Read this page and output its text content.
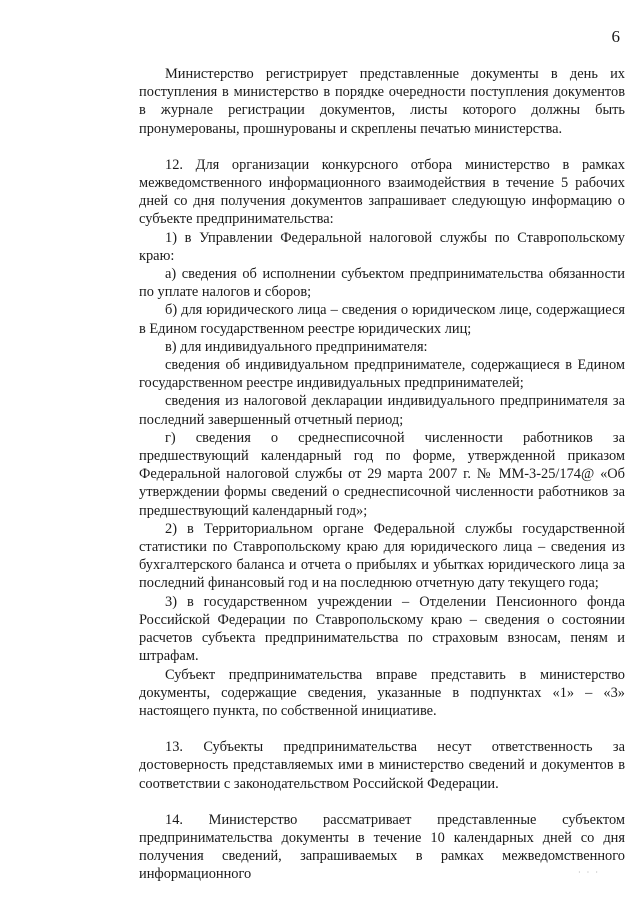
6

Министерство регистрирует представленные документы в день их поступления в министерство в порядке очередности поступления документов в журнале регистрации документов, листы которого должны быть пронумерованы, прошнурованы и скреплены печатью министерства.

12. Для организации конкурсного отбора министерство в рамках межведомственного информационного взаимодействия в течение 5 рабочих дней со дня получения документов запрашивает следующую информацию о субъекте предпринимательства:

1) в Управлении Федеральной налоговой службы по Ставропольскому краю:

а) сведения об исполнении субъектом предпринимательства обязанности по уплате налогов и сборов;

б) для юридического лица – сведения о юридическом лице, содержащиеся в Едином государственном реестре юридических лиц;

в) для индивидуального предпринимателя:

сведения об индивидуальном предпринимателе, содержащиеся в Едином государственном реестре индивидуальных предпринимателей;

сведения из налоговой декларации индивидуального предпринимателя за последний завершенный отчетный период;

г) сведения о среднесписочной численности работников за предшествующий календарный год по форме, утвержденной приказом Федеральной налоговой службы от 29 марта 2007 г. № ММ-3-25/174@ «Об утверждении формы сведений о среднесписочной численности работников за предшествующий календарный год»;

2) в Территориальном органе Федеральной службы государственной статистики по Ставропольскому краю для юридического лица – сведения из бухгалтерского баланса и отчета о прибылях и убытках юридического лица за последний финансовый год и на последнюю отчетную дату текущего года;

3) в государственном учреждении – Отделении Пенсионного фонда Российской Федерации по Ставропольскому краю – сведения о состоянии расчетов субъекта предпринимательства по страховым взносам, пеням и штрафам.

Субъект предпринимательства вправе представить в министерство документы, содержащие сведения, указанные в подпунктах «1» – «3» настоящего пункта, по собственной инициативе.

13. Субъекты предпринимательства несут ответственность за достоверность представляемых ими в министерство сведений и документов в соответствии с законодательством Российской Федерации.

14. Министерство рассматривает представленные субъектом предпринимательства документы в течение 10 календарных дней со дня получения сведений, запрашиваемых в рамках межведомственного информационного	· · ·
